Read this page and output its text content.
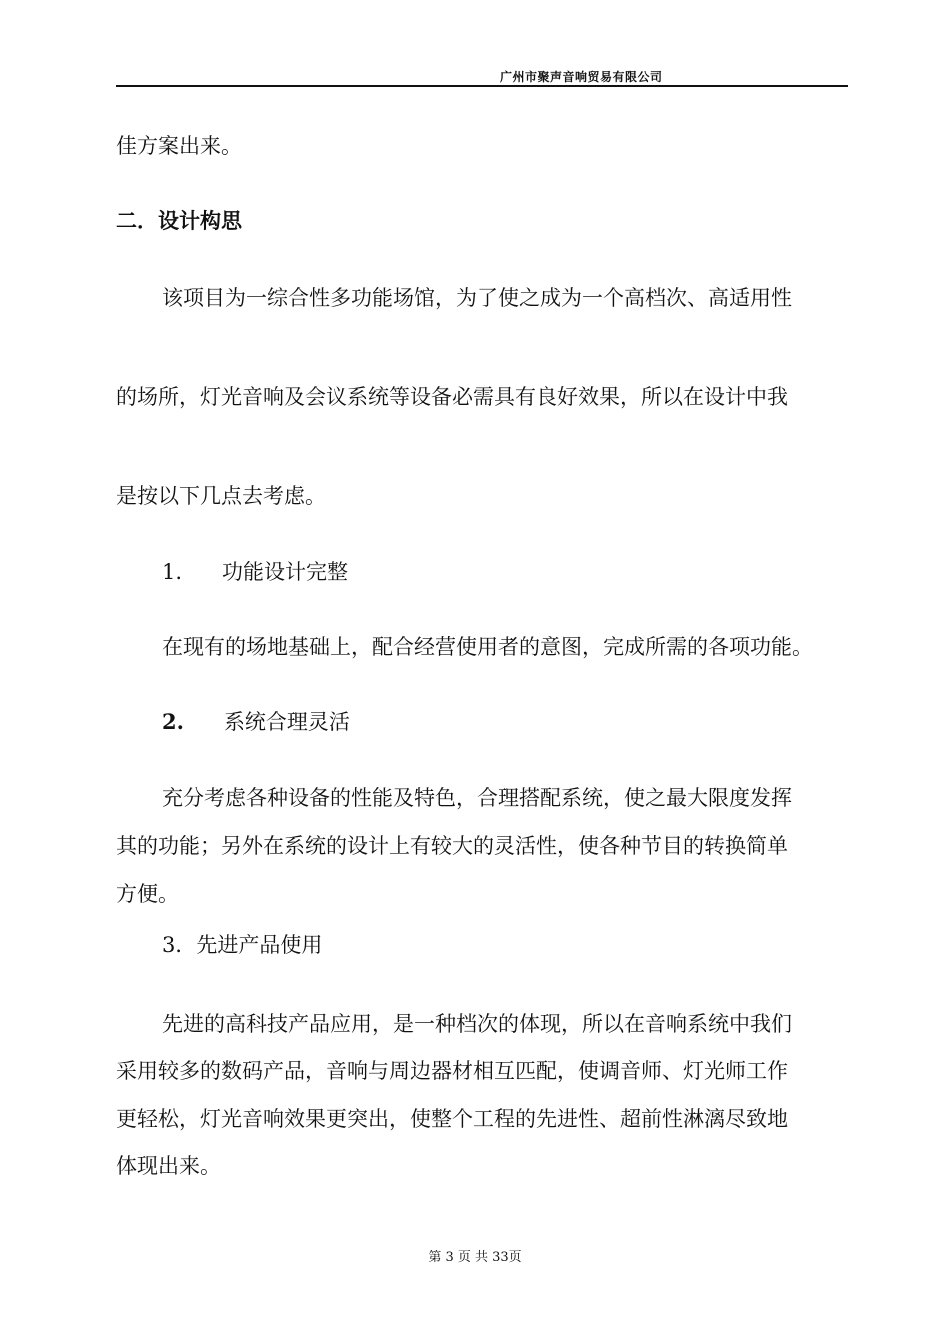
广州市聚声音响贸易有限公司
佳方案出来。
二．设计构思
该项目为一综合性多功能场馆，为了使之成为一个高档次、高适用性
的场所，灯光音响及会议系统等设备必需具有良好效果，所以在设计中我
是按以下几点去考虑。
1. 功能设计完整
在现有的场地基础上，配合经营使用者的意图，完成所需的各项功能。
2. 系统合理灵活
充分考虑各种设备的性能及特色，合理搭配系统，使之最大限度发挥
其的功能；另外在系统的设计上有较大的灵活性，使各种节目的转换简单
方便。
3．先进产品使用
先进的高科技产品应用，是一种档次的体现，所以在音响系统中我们
采用较多的数码产品，音响与周边器材相互匹配，使调音师、灯光师工作
更轻松，灯光音响效果更突出，使整个工程的先进性、超前性淋漓尽致地
体现出来。
第 3 页 共 33页
